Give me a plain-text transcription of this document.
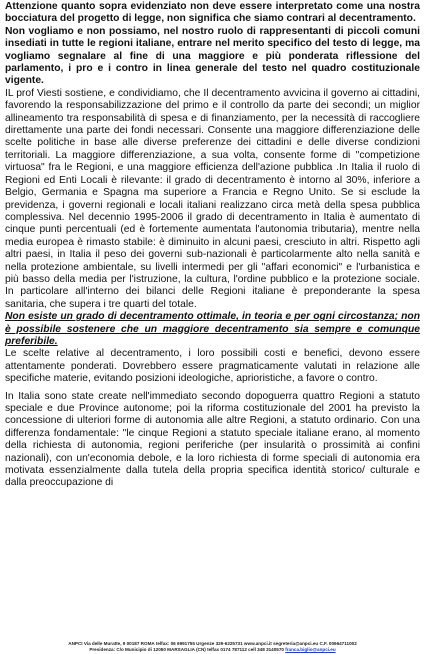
Attenzione quanto sopra evidenziato non deve essere interpretato come una nostra bocciatura del progetto di legge, non significa che siamo contrari al decentramento.

Non vogliamo e non possiamo, nel nostro ruolo di rappresentanti di piccoli comuni insediati in tutte le regioni italiane, entrare nel merito specifico del testo di legge, ma vogliamo segnalare al fine di una maggiore e più ponderata riflessione del parlamento, i pro e i contro in linea generale del testo nel quadro costituzionale vigente.

IL prof Viesti sostiene, e condividiamo, che Il decentramento avvicina il governo ai cittadini, favorendo la responsabilizzazione del primo e il controllo da parte dei secondi; un miglior allineamento tra responsabilità di spesa e di finanziamento, per la necessità di raccogliere direttamente una parte dei fondi necessari. Consente una maggiore differenziazione delle scelte politiche in base alle diverse preferenze dei cittadini e delle diverse condizioni territoriali. La maggiore differenziazione, a sua volta, consente forme di "competizione virtuosa" fra le Regioni, e una maggiore efficienza dell'azione pubblica .In Italia il ruolo di Regioni ed Enti Locali è rilevante: il grado di decentramento è intorno al 30%, inferiore a Belgio, Germania e Spagna ma superiore a Francia e Regno Unito. Se si esclude la previdenza, i governi regionali e locali italiani realizzano circa metà della spesa pubblica complessiva. Nel decennio 1995-2006 il grado di decentramento in Italia è aumentato di cinque punti percentuali (ed è fortemente aumentata l'autonomia tributaria), mentre nella media europea è rimasto stabile: è diminuito in alcuni paesi, cresciuto in altri. Rispetto agli altri paesi, in Italia il peso dei governi sub-nazionali è particolarmente alto nella sanità e nella protezione ambientale, su livelli intermedi per gli "affari economici" e l'urbanistica e più basso della media per l'istruzione, la cultura, l'ordine pubblico e la protezione sociale. In particolare all'interno dei bilanci delle Regioni italiane è preponderante la spesa sanitaria, che supera i tre quarti del totale.

Non esiste un grado di decentramento ottimale, in teoria e per ogni circostanza; non è possibile sostenere che un maggiore decentramento sia sempre e comunque preferibile.

Le scelte relative al decentramento, i loro possibili costi e benefici, devono essere attentamente ponderati. Dovrebbero essere pragmaticamente valutati in relazione alle specifiche materie, evitando posizioni ideologiche, aprioristiche, a favore o contro.

In Italia sono state create nell'immediato secondo dopoguerra quattro Regioni a statuto speciale e due Province autonome; poi la riforma costituzionale del 2001 ha previsto la concessione di ulteriori forme di autonomia alle altre Regioni, a statuto ordinario. Con una differenza fondamentale: "le cinque Regioni a statuto speciale italiane erano, al momento della richiesta di autonomia, regioni periferiche (per insularità o prossimità ai confini nazionali), con un'economia debole, e la loro richiesta di forme speciali di autonomia era motivata essenzialmente dalla tutela della propria specifica identità storico/ culturale e dalla preoccupazione di

ANPCI Via delle Muratte, 9 00187 ROMA telfax: 06 6991755 Urgenze 329-6225731 www.anpci.it segreteria@anpci.eu C.F. 00664711002
Presidenza: C/o Municipio di 12050 MARSAGLIA (CN) telfax 0174 787112 cell 348 3140570 franca.biglio@anpci.eu
